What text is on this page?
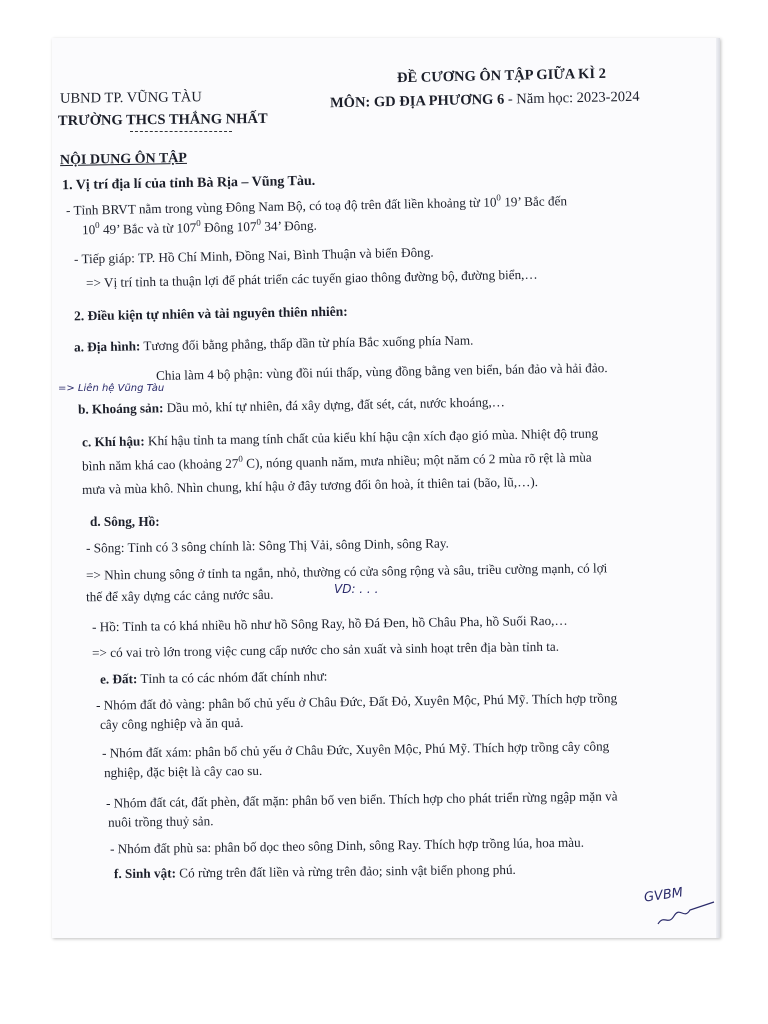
UBND TP. VŨNG TÀU
TRƯỜNG THCS THẮNG NHẤT
ĐỀ CƯƠNG ÔN TẬP GIỮA KÌ 2
MÔN: GD ĐỊA PHƯƠNG 6 - Năm học: 2023-2024
NỘI DUNG ÔN TẬP
1. Vị trí địa lí của tỉnh Bà Rịa – Vũng Tàu.
- Tỉnh BRVT nằm trong vùng Đông Nam Bộ, có toạ độ trên đất liền khoảng từ $10^0$ 19’ Bắc đến
$10^0$ 49’ Bắc và từ $107^0$ Đông $107^0$ 34’ Đông.
- Tiếp giáp: TP. Hồ Chí Minh, Đồng Nai, Bình Thuận và biển Đông.
=> Vị trí tỉnh ta thuận lợi để phát triển các tuyến giao thông đường bộ, đường biển,…
2. Điều kiện tự nhiên và tài nguyên thiên nhiên:
a. Địa hình: Tương đối bằng phẳng, thấp dần từ phía Bắc xuống phía Nam.
Chia làm 4 bộ phận: vùng đồi núi thấp, vùng đồng bằng ven biển, bán đảo và hải đảo.
=> Liên hệ Vũng Tàu
b. Khoáng sản: Dầu mỏ, khí tự nhiên, đá xây dựng, đất sét, cát, nước khoáng,…
c. Khí hậu: Khí hậu tỉnh ta mang tính chất của kiểu khí hậu cận xích đạo gió mùa. Nhiệt độ trung
bình năm khá cao (khoảng $27^0$ C), nóng quanh năm, mưa nhiều; một năm có 2 mùa rõ rệt là mùa
mưa và mùa khô. Nhìn chung, khí hậu ở đây tương đối ôn hoà, ít thiên tai (bão, lũ,…).
d. Sông, Hồ:
- Sông: Tỉnh có 3 sông chính là: Sông Thị Vải, sông Dinh, sông Ray.
=> Nhìn chung sông ở tỉnh ta ngắn, nhỏ, thường có cửa sông rộng và sâu, triều cường mạnh, có lợi
thế để xây dựng các cảng nước sâu.	VD: . . .
- Hồ: Tỉnh ta có khá nhiều hồ như hồ Sông Ray, hồ Đá Đen, hồ Châu Pha, hồ Suối Rao,…
=> có vai trò lớn trong việc cung cấp nước cho sản xuất và sinh hoạt trên địa bàn tỉnh ta.
e. Đất: Tỉnh ta có các nhóm đất chính như:
- Nhóm đất đỏ vàng: phân bố chủ yếu ở Châu Đức, Đất Đỏ, Xuyên Mộc, Phú Mỹ. Thích hợp trồng
cây công nghiệp và ăn quả.
- Nhóm đất xám: phân bố chủ yếu ở Châu Đức, Xuyên Mộc, Phú Mỹ. Thích hợp trồng cây công
nghiệp, đặc biệt là cây cao su.
- Nhóm đất cát, đất phèn, đất mặn: phân bố ven biển. Thích hợp cho phát triển rừng ngập mặn và
nuôi trồng thuỷ sản.
- Nhóm đất phù sa: phân bố dọc theo sông Dinh, sông Ray. Thích hợp trồng lúa, hoa màu.
f. Sinh vật: Có rừng trên đất liền và rừng trên đảo; sinh vật biển phong phú.
GVBM
